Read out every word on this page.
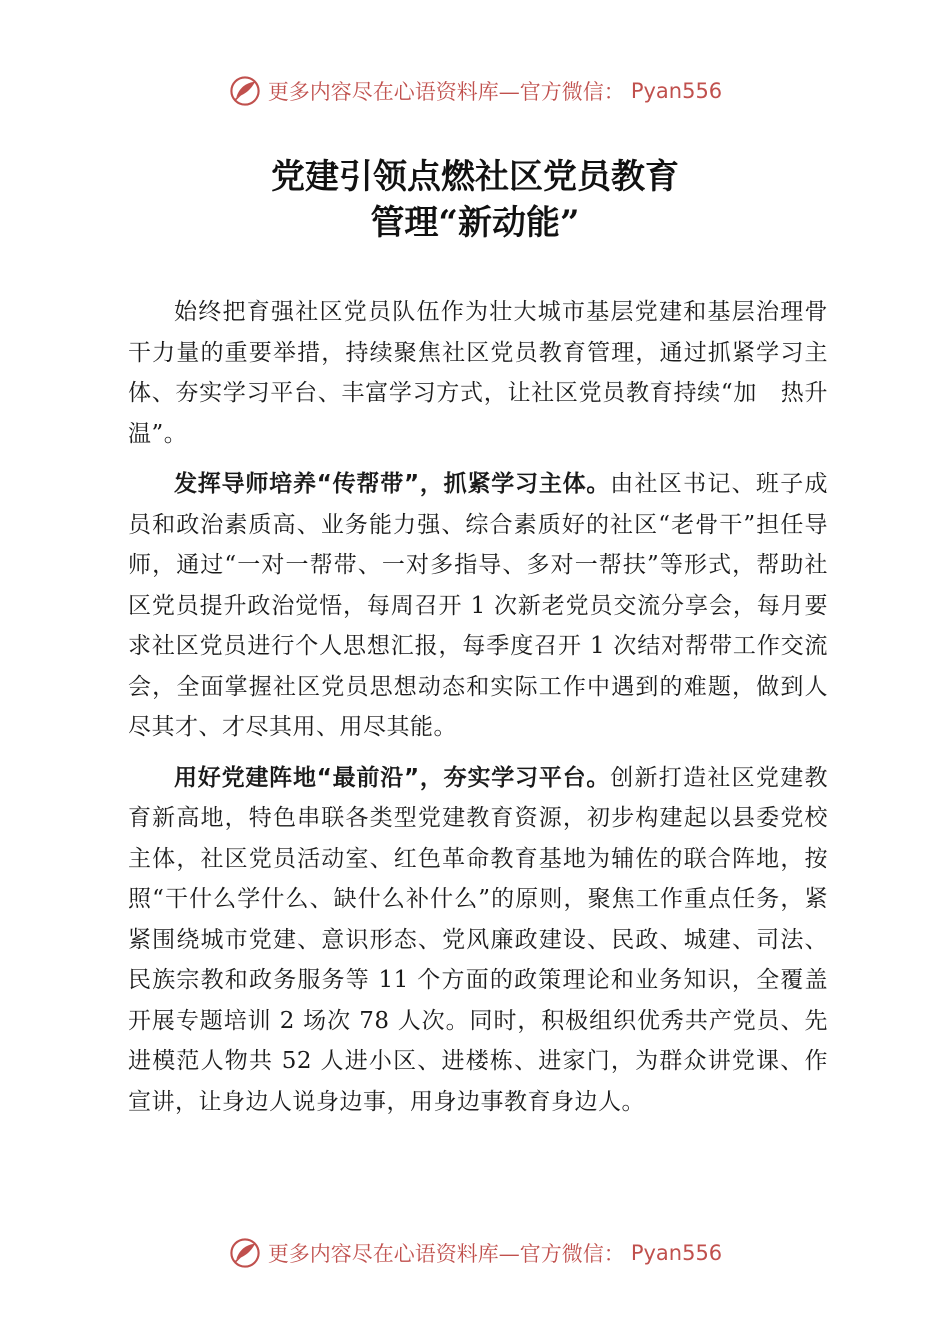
更多内容尽在心语资料库—官方微信： Pyan556
党建引领点燃社区党员教育
管理“新动能”

始终把育强社区党员队伍作为壮大城市基层党建和基层治理骨干力量的重要举措，持续聚焦社区党员教育管理，通过抓紧学习主体、夯实学习平台、丰富学习方式，让社区党员教育持续“加　热升温”。

发挥导师培养“传帮带”，抓紧学习主体。由社区书记、班子成员和政治素质高、业务能力强、综合素质好的社区“老骨干”担任导师，通过“一对一帮带、一对多指导、多对一帮扶”等形式，帮助社区党员提升政治觉悟，每周召开 1 次新老党员交流分享会，每月要求社区党员进行个人思想汇报，每季度召开 1 次结对帮带工作交流会，全面掌握社区党员思想动态和实际工作中遇到的难题，做到人尽其才、才尽其用、用尽其能。

用好党建阵地“最前沿”，夯实学习平台。创新打造社区党建教育新高地，特色串联各类型党建教育资源，初步构建起以县委党校主体，社区党员活动室、红色革命教育基地为辅佐的联合阵地，按照“干什么学什么、缺什么补什么”的原则，聚焦工作重点任务，紧紧围绕城市党建、意识形态、党风廉政建设、民政、城建、司法、民族宗教和政务服务等 11 个方面的政策理论和业务知识，全覆盖开展专题培训 2 场次 78 人次。同时，积极组织优秀共产党员、先进模范人物共 52 人进小区、进楼栋、进家门，为群众讲党课、作宣讲，让身边人说身边事，用身边事教育身边人。

更多内容尽在心语资料库—官方微信： Pyan556
